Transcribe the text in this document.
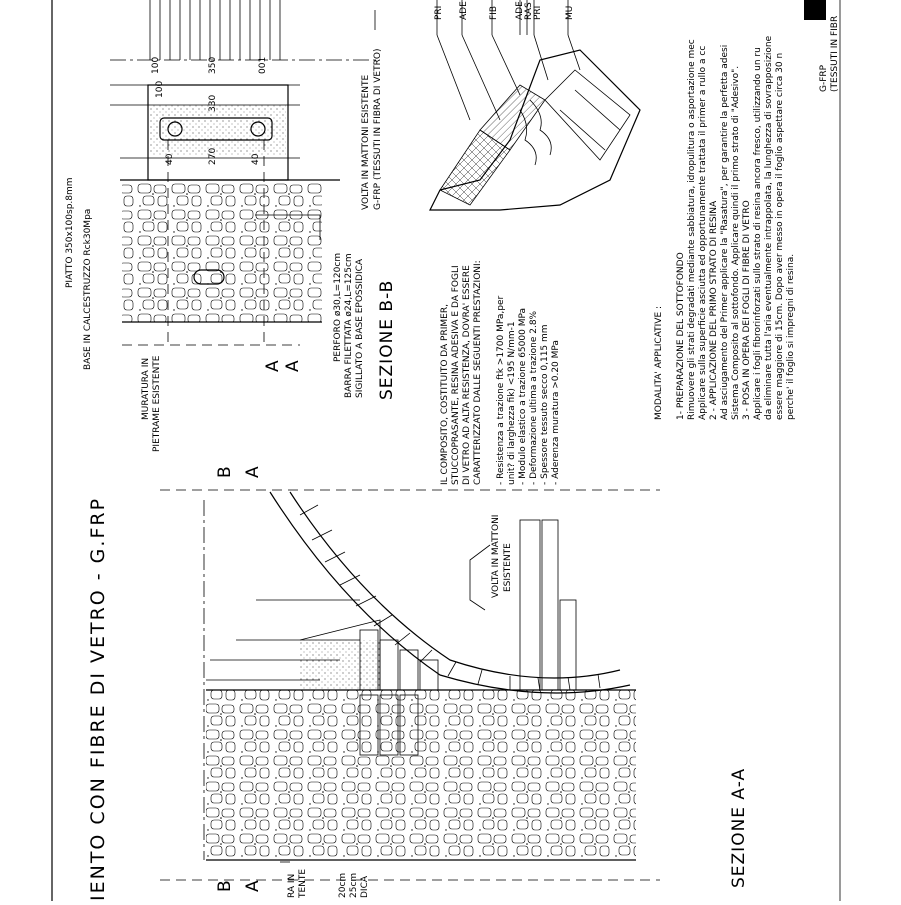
IENTO CON FIBRE DI VETRO - G.FRP	SEZIONE A-A
SEZIONE B-B
VOLTA IN MATTONI ESISTENTE
RA IN TENTE	20cm 25cm DICA
B A
B A
PIATTO 350x100sp.8mm BASE IN CALCESTRUZZO Rck30Mpa
MURATURA IN PIETRAME ESISTENTE
PERFORO ø30,L=120cm BARRA FILETTATA ø24,L=125cm SIGILLATO A BASE EPOSSIDICA
VOLTA IN MATTONI ESISTENTE G-FRP (TESSUTI IN FIBRA DI VETRO)
A A
100	350	001
100
330
270
40	40
IL COMPOSITO, COSTITUITO DA PRIMER, STUCCOPRASANTE, RESINA ADESIVA E DA FOGLI DI VETRO AD ALTA RESISTENZA, DOVRA' ESSERE CARATTERIZZATO DALLE SEGUENTI PRESTAZIONI: - Resistenza a trazione ftk >1700 MPa,per unit? di larghezza fik) <195 N/mm-1 - Modulo elastico a trazione 65000 MPa - Deformazione ultima a trazione 2.8% - Spessore tessuto secco 0,115 mm - Aderenza muratura >0.20 MPa
PRI ADE FIB ADE RAS PRI MU
MODALITA' APPLICATIVE : 1- PREPARAZIONE DEL SOTTOFONDO Rimuovere gli strati degradati mediante sabbiatura, idropulitura o asportazione mec Applicare sulla superficie asciutta ed opportunamente trattata il primer a rullo a cc 2 - APPLICAZIONE DEL PRIMO STRATO DI RESINA Ad asciugamento del Primer applicare la "Rasatura", per garantire la perfetta adesi Sistema Composito al sottofondo. Applicare quindi il primo strato di "Adesivo". 3 - POSA IN OPERA DEI FOGLI DI FIBRE DI VETRO Applicare i fogli fibrorinforzati sullo strato di resina ancora fresco, utilizzando un ru da eliminare tutta l'aria eventualmente intrappolata, la lunghezza di sovrapposizione essere maggiore di 15cm. Dopo aver messo in opera il foglio aspettare circa 30 n perche' il foglio si impregni di resina.
G-FRP (TESSUTI IN FIBR
